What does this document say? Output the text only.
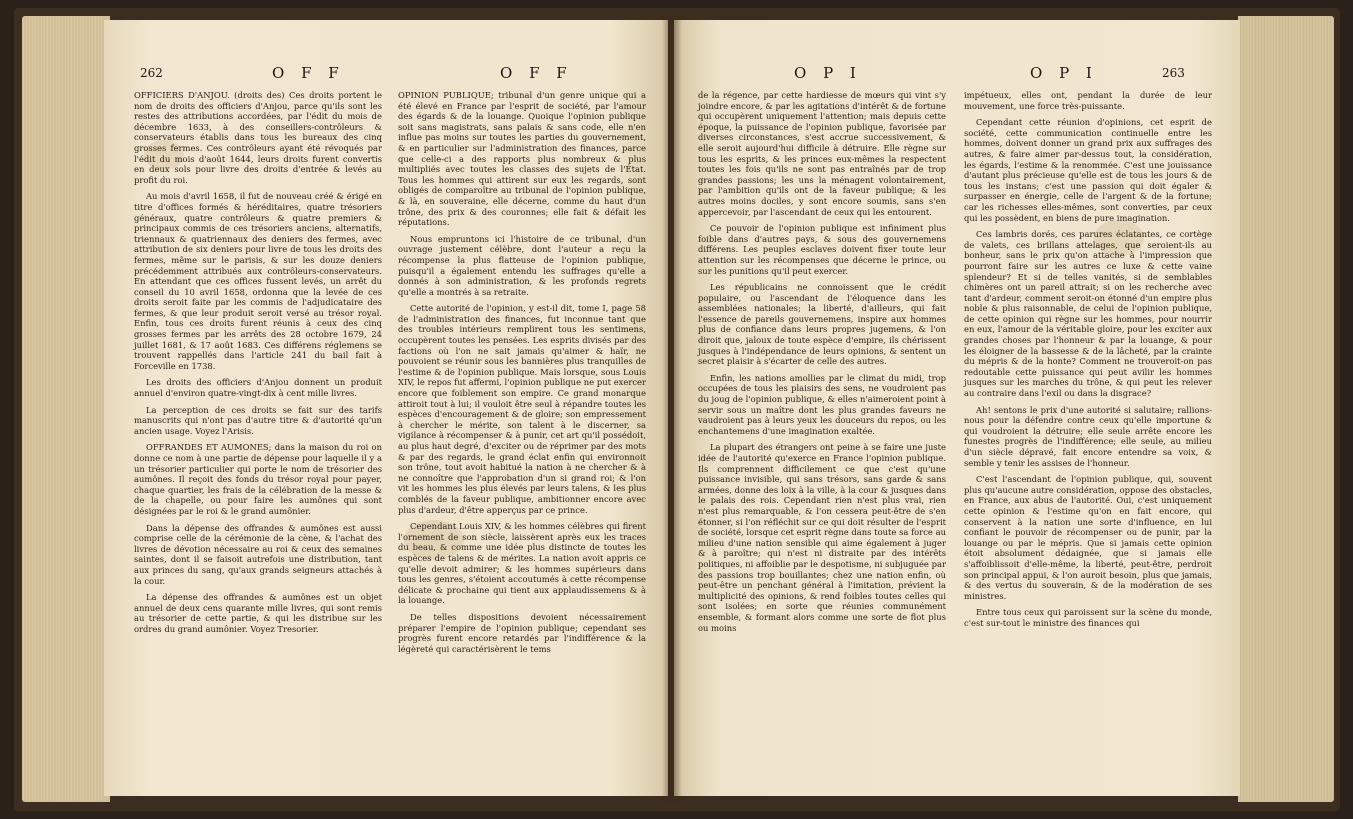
262	O F F	O F F

OFFICIERS D'ANJOU. (droits des) Ces droits portent le nom de droits des officiers d'Anjou, parce qu'ils sont les restes des attributions accordées, par l'édit du mois de décembre 1633, à des conseillers-contrôleurs & conservateurs établis dans tous les bureaux des cinq grosses fermes. Ces contrôleurs ayant été révoqués par l'édit du mois d'août 1644, leurs droits furent convertis en deux sols pour livre des droits d'entrée & levés au profit du roi.

Au mois d'avril 1658, il fut de nouveau créé & érigé en titre d'offices formés & héréditaires, quatre trésoriers généraux, quatre contrôleurs & quatre premiers & principaux commis de ces trésoriers anciens, alternatifs, triennaux & quatriennaux des deniers des fermes, avec attribution de six deniers pour livre de tous les droits des fermes, même sur le parisis, & sur les douze deniers précédemment attribués aux contrôleurs-conservateurs. En attendant que ces offices fussent levés, un arrêt du conseil du 10 avril 1658, ordonna que la levée de ces droits seroit faite par les commis de l'adjudicataire des fermes, & que leur produit seroit versé au trésor royal. Enfin, tous ces droits furent réunis à ceux des cinq grosses fermes par les arrêts des 28 octobre 1679, 24 juillet 1681, & 17 août 1683. Ces différens réglemens se trouvent rappellés dans l'article 241 du bail fait à Forceville en 1738.

Les droits des officiers d'Anjou donnent un produit annuel d'environ quatre-vingt-dix à cent mille livres.

La perception de ces droits se fait sur des tarifs manuscrits qui n'ont pas d'autre titre & d'autorité qu'un ancien usage. Voyez l'Arisis.

OFFRANDES ET AUMONES; dans la maison du roi on donne ce nom à une partie de dépense pour laquelle il y a un trésorier particulier qui porte le nom de trésorier des aumônes. Il reçoit des fonds du trésor royal pour payer, chaque quartier, les frais de la célébration de la messe & de la chapelle, ou pour faire les aumônes qui sont désignées par le roi & le grand aumônier.

Dans la dépense des offrandes & aumônes est aussi comprise celle de la cérémonie de la cène, & l'achat des livres de dévotion nécessaire au roi & ceux des semaines saintes, dont il se faisoit autrefois une distribution, tant aux princes du sang, qu'aux grands seigneurs attachés à la cour.

La dépense des offrandes & aumônes est un objet annuel de deux cens quarante mille livres, qui sont remis au trésorier de cette partie, & qui les distribue sur les ordres du grand aumônier. Voyez Tresorier.

OPINION PUBLIQUE; tribunal d'un genre unique qui a été élevé en France par l'esprit de société, par l'amour des égards & de la louange. Quoique l'opinion publique soit sans magistrats, sans palais & sans code, elle n'en influe pas moins sur toutes les parties du gouvernement, & en particulier sur l'administration des finances, parce que celle-ci a des rapports plus nombreux & plus multipliés avec toutes les classes des sujets de l'État. Tous les hommes qui attirent sur eux les regards, sont obligés de comparoître au tribunal de l'opinion publique, & là, en souveraine, elle décerne, comme du haut d'un trône, des prix & des couronnes; elle fait & défait les réputations.

Nous empruntons ici l'histoire de ce tribunal, d'un ouvrage justement célèbre, dont l'auteur a reçu la récompense la plus flatteuse de l'opinion publique, puisqu'il a également entendu les suffrages qu'elle a donnés à son administration, & les profonds regrets qu'elle a montrés à sa retraite.

Cette autorité de l'opinion, y est-il dit, tome I, page 58 de l'administration des finances, fut inconnue tant que des troubles intérieurs remplirent tous les sentimens, occupèrent toutes les pensées. Les esprits divisés par des factions où l'on ne sait jamais qu'aimer & haïr, ne pouvoient se réunir sous les bannières plus tranquilles de l'estime & de l'opinion publique. Mais lorsque, sous Louis XIV, le repos fut affermi, l'opinion publique ne put exercer encore que foiblement son empire. Ce grand monarque attiroit tout à lui; il vouloit être seul à répandre toutes les espèces d'encouragement & de gloire; son empressement à chercher le mérite, son talent à le discerner, sa vigilance à récompenser & à punir, cet art qu'il possédoit, au plus haut degré, d'exciter ou de réprimer par des mots & par des regards, le grand éclat enfin qui environnoit son trône, tout avoit habitué la nation à ne chercher & à ne connoître que l'approbation d'un si grand roi; & l'on vit les hommes les plus élevés par leurs talens, & les plus comblés de la faveur publique, ambitionner encore avec plus d'ardeur, d'être apperçus par ce prince.

Cependant Louis XIV, & les hommes célèbres qui firent l'ornement de son siècle, laissèrent après eux les traces du beau, & comme une idée plus distincte de toutes les espèces de talens & de mérites. La nation avoit appris ce qu'elle devoit admirer; & les hommes supérieurs dans tous les genres, s'étoient accoutumés à cette récompense délicate & prochaine qui tient aux applaudissemens & à la louange.

De telles dispositions devoient nécessairement préparer l'empire de l'opinion publique; cependant ses progrès furent encore retardés par l'indifférence & la légèreté qui caractérisèrent le tems

O P I	O P I	263

de la régence, par cette hardiesse de mœurs qui vint s'y joindre encore, & par les agitations d'intérêt & de fortune qui occupèrent uniquement l'attention; mais depuis cette époque, la puissance de l'opinion publique, favorisée par diverses circonstances, s'est accrue successivement, & elle seroit aujourd'hui difficile à détruire. Elle règne sur tous les esprits, & les princes eux-mêmes la respectent toutes les fois qu'ils ne sont pas entraînés par de trop grandes passions; les uns la ménagent volontairement, par l'ambition qu'ils ont de la faveur publique; & les autres moins dociles, y sont encore soumis, sans s'en appercevoir, par l'ascendant de ceux qui les entourent.

Ce pouvoir de l'opinion publique est infiniment plus foible dans d'autres pays, & sous des gouvernemens différens. Les peuples esclaves doivent fixer toute leur attention sur les récompenses que décerne le prince, ou sur les punitions qu'il peut exercer.

Les républicains ne connoissent que le crédit populaire, ou l'ascendant de l'éloquence dans les assemblées nationales; la liberté, d'ailleurs, qui fait l'essence de pareils gouvernemens, inspire aux hommes plus de confiance dans leurs propres jugemens, & l'on diroit que, jaloux de toute espèce d'empire, ils chérissent jusques à l'indépendance de leurs opinions, & sentent un secret plaisir à s'écarter de celle des autres.

Enfin, les nations amollies par le climat du midi, trop occupées de tous les plaisirs des sens, ne voudroient pas du joug de l'opinion publique, & elles n'aimeroient point à servir sous un maître dont les plus grandes faveurs ne vaudroient pas à leurs yeux les douceurs du repos, ou les enchantemens d'une imagination exaltée.

La plupart des étrangers ont peine à se faire une juste idée de l'autorité qu'exerce en France l'opinion publique. Ils comprennent difficilement ce que c'est qu'une puissance invisible, qui sans trésors, sans garde & sans armées, donne des loix à la ville, à la cour & jusques dans le palais des rois. Cependant rien n'est plus vrai, rien n'est plus remarquable, & l'on cessera peut-être de s'en étonner, si l'on réfléchit sur ce qui doit résulter de l'esprit de société, lorsque cet esprit règne dans toute sa force au milieu d'une nation sensible qui aime également à juger & à paroître; qui n'est ni distraite par des intérêts politiques, ni affoiblie par le despotisme, ni subjuguée par des passions trop bouillantes; chez une nation enfin, où peut-être un penchant général à l'imitation, prévient la multiplicité des opinions, & rend foibles toutes celles qui sont isolées; en sorte que réunies communément ensemble, & formant alors comme une sorte de flot plus ou moins

impétueux, elles ont, pendant la durée de leur mouvement, une force très-puissante.

Cependant cette réunion d'opinions, cet esprit de société, cette communication continuelle entre les hommes, doivent donner un grand prix aux suffrages des autres, & faire aimer par-dessus tout, la considération, les égards, l'estime & la renommée. C'est une jouissance d'autant plus précieuse qu'elle est de tous les jours & de tous les instans; c'est une passion qui doit égaler & surpasser en énergie, celle de l'argent & de la fortune; car les richesses elles-mêmes, sont converties, par ceux qui les possèdent, en biens de pure imagination.

Ces lambris dorés, ces parures éclatantes, ce cortège de valets, ces brillans attelages, que seroient-ils au bonheur, sans le prix qu'on attache à l'impression que pourront faire sur les autres ce luxe & cette vaine splendeur? Et si de telles vanités, si de semblables chimères ont un pareil attrait; si on les recherche avec tant d'ardeur, comment seroit-on étonné d'un empire plus noble & plus raisonnable, de celui de l'opinion publique, de cette opinion qui règne sur les hommes, pour nourrir en eux, l'amour de la véritable gloire, pour les exciter aux grandes choses par l'honneur & par la louange, & pour les éloigner de la bassesse & de la lâcheté, par la crainte du mépris & de la honte? Comment ne trouveroit-on pas redoutable cette puissance qui peut avilir les hommes jusques sur les marches du trône, & qui peut les relever au contraire dans l'exil ou dans la disgrace?

Ah! sentons le prix d'une autorité si salutaire; rallions-nous pour la défendre contre ceux qu'elle importune & qui voudroient la détruire; elle seule arrête encore les funestes progrès de l'indifférence; elle seule, au milieu d'un siècle dépravé, fait encore entendre sa voix, & semble y tenir les assises de l'honneur.

C'est l'ascendant de l'opinion publique, qui, souvent plus qu'aucune autre considération, oppose des obstacles, en France, aux abus de l'autorité. Oui, c'est uniquement cette opinion & l'estime qu'on en fait encore, qui conservent à la nation une sorte d'influence, en lui confiant le pouvoir de récompenser ou de punir, par la louange ou par le mépris. Que si jamais cette opinion étoit absolument dédaignée, que si jamais elle s'affoiblissoit d'elle-même, la liberté, peut-être, perdroit son principal appui, & l'on auroit besoin, plus que jamais, & des vertus du souverain, & de la modération de ses ministres.

Entre tous ceux qui paroissent sur la scène du monde, c'est sur-tout le ministre des finances qui
